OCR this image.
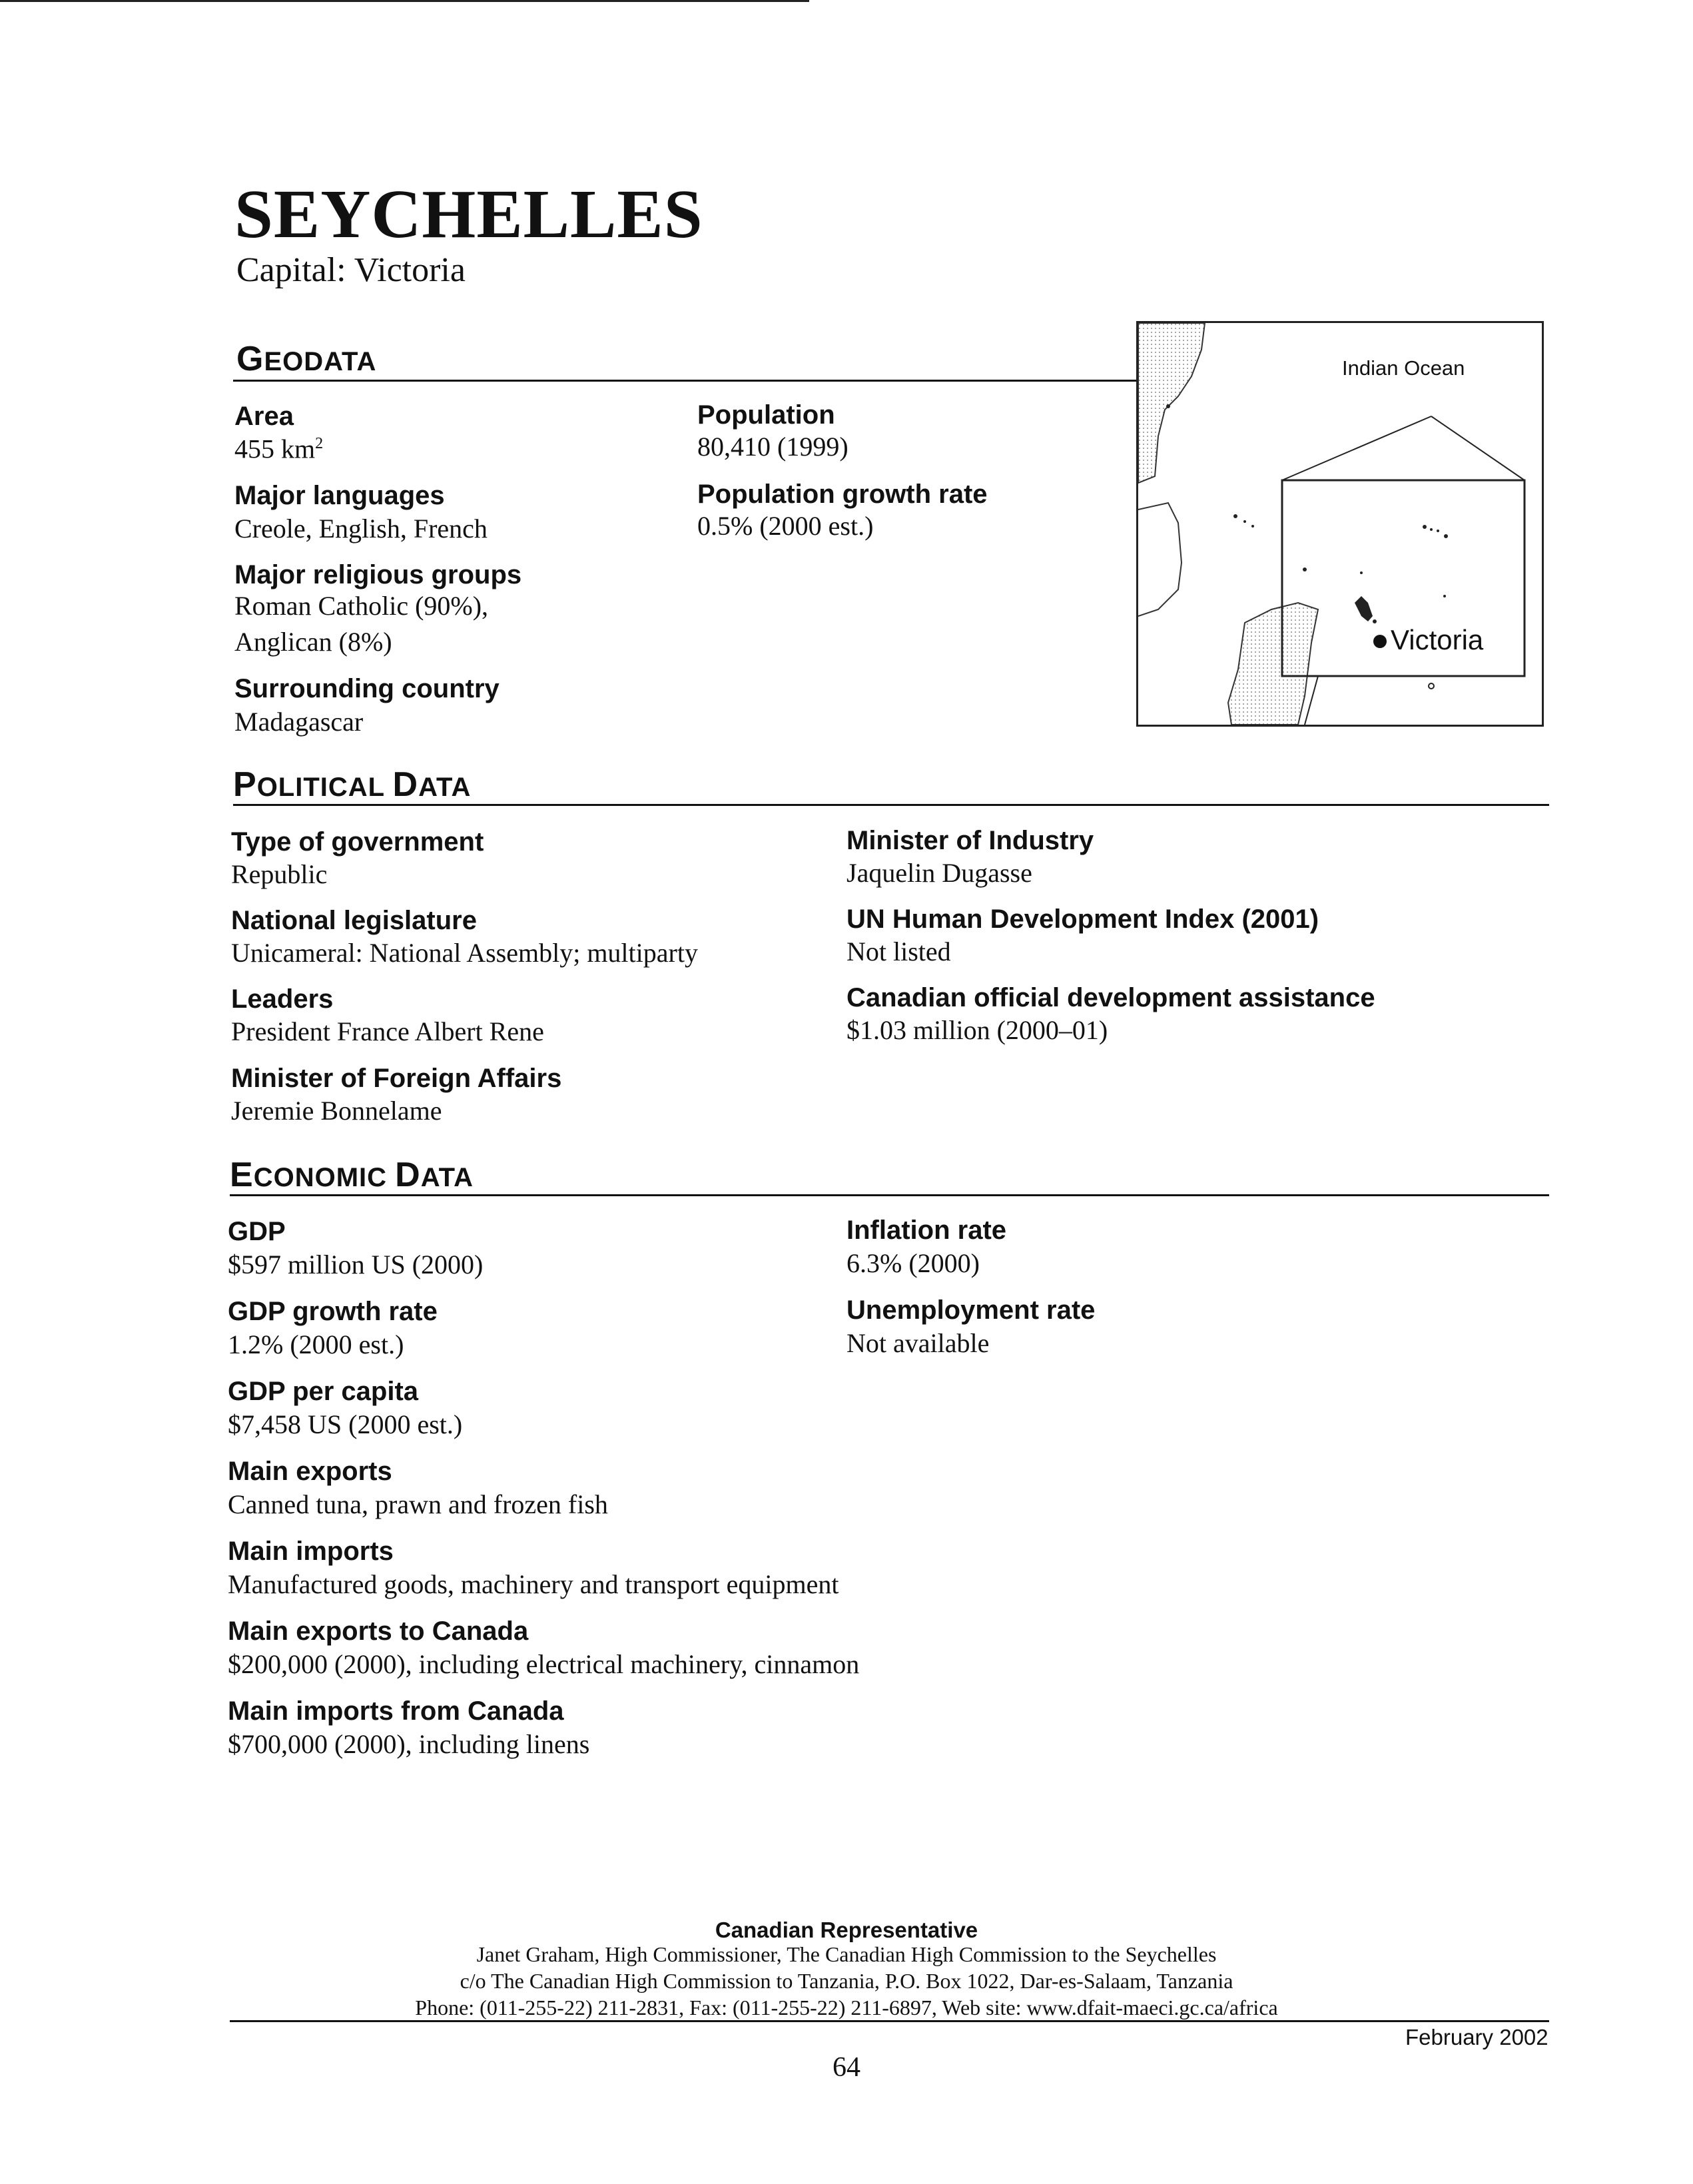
SEYCHELLES
Capital: Victoria
GEODATA
Area
455 $km^2$
Major languages
Creole, English, French
Major religious groups
Roman Catholic (90%),
Anglican (8%)
Surrounding country
Madagascar
Population
80,410 (1999)
Population growth rate
0.5% (2000 est.)
Indian Ocean
Victoria
POLITICAL DATA
Type of government
Republic
National legislature
Unicameral: National Assembly; multiparty
Leaders
President France Albert Rene
Minister of Foreign Affairs
Jeremie Bonnelame
Minister of Industry
Jaquelin Dugasse
UN Human Development Index (2001)
Not listed
Canadian official development assistance
$1.03 million (2000–01)
ECONOMIC DATA
GDP
$597 million US (2000)
GDP growth rate
1.2% (2000 est.)
GDP per capita
$7,458 US (2000 est.)
Main exports
Canned tuna, prawn and frozen fish
Main imports
Manufactured goods, machinery and transport equipment
Main exports to Canada
$200,000 (2000), including electrical machinery, cinnamon
Main imports from Canada
$700,000 (2000), including linens
Inflation rate
6.3% (2000)
Unemployment rate
Not available
Canadian Representative
Janet Graham, High Commissioner, The Canadian High Commission to the Seychelles
c/o The Canadian High Commission to Tanzania, P.O. Box 1022, Dar-es-Salaam, Tanzania
Phone: (011-255-22) 211-2831, Fax: (011-255-22) 211-6897, Web site: www.dfait-maeci.gc.ca/africa
February 2002
64
